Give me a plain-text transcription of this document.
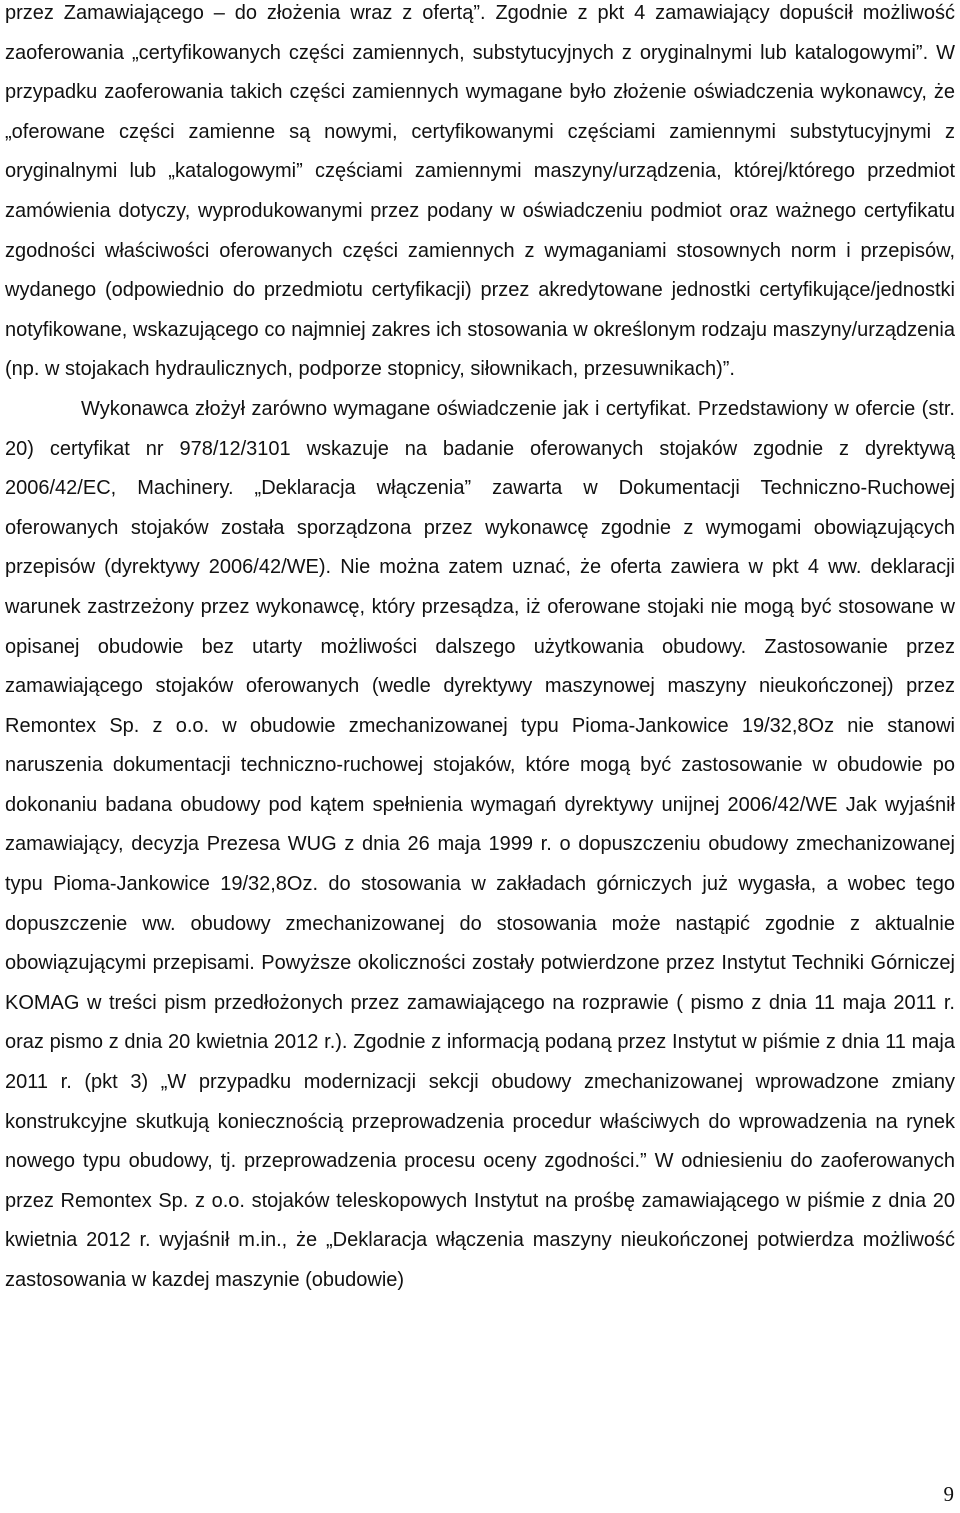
przez Zamawiającego – do złożenia wraz z ofertą”. Zgodnie z pkt 4 zamawiający dopuścił możliwość zaoferowania „certyfikowanych części zamiennych, substytucyjnych z oryginalnymi lub katalogowymi”. W przypadku zaoferowania takich części zamiennych wymagane było złożenie oświadczenia wykonawcy, że „oferowane części zamienne są nowymi, certyfikowanymi częściami zamiennymi substytucyjnymi z oryginalnymi lub „katalogowymi” częściami zamiennymi maszyny/urządzenia, której/którego przedmiot zamówienia dotyczy, wyprodukowanymi przez podany w oświadczeniu podmiot oraz ważnego certyfikatu zgodności właściwości oferowanych części zamiennych z wymaganiami stosownych norm i przepisów, wydanego (odpowiednio do przedmiotu certyfikacji) przez akredytowane jednostki certyfikujące/jednostki notyfikowane, wskazującego co najmniej zakres ich stosowania w określonym rodzaju maszyny/urządzenia (np. w stojakach hydraulicznych, podporze stopnicy, siłownikach, przesuwnikach)”.

Wykonawca złożył zarówno wymagane oświadczenie jak i certyfikat. Przedstawiony w ofercie (str. 20) certyfikat nr 978/12/3101 wskazuje na badanie oferowanych stojaków zgodnie z dyrektywą 2006/42/EC, Machinery. „Deklaracja włączenia” zawarta w Dokumentacji Techniczno-Ruchowej oferowanych stojaków została sporządzona przez wykonawcę zgodnie z wymogami obowiązujących przepisów (dyrektywy 2006/42/WE). Nie można zatem uznać, że oferta zawiera w pkt 4 ww. deklaracji warunek zastrzeżony przez wykonawcę, który przesądza, iż oferowane stojaki nie mogą być stosowane w opisanej obudowie bez utarty możliwości dalszego użytkowania obudowy. Zastosowanie przez zamawiającego stojaków oferowanych (wedle dyrektywy maszynowej maszyny nieukończonej) przez Remontex Sp. z o.o. w obudowie zmechanizowanej typu Pioma-Jankowice 19/32,8Oz nie stanowi naruszenia dokumentacji techniczno-ruchowej stojaków, które mogą być zastosowanie w obudowie po dokonaniu badana obudowy pod kątem spełnienia wymagań dyrektywy unijnej 2006/42/WE Jak wyjaśnił zamawiający, decyzja Prezesa WUG z dnia 26 maja 1999 r. o dopuszczeniu obudowy zmechanizowanej typu Pioma-Jankowice 19/32,8Oz. do stosowania w zakładach górniczych już wygasła, a wobec tego dopuszczenie ww. obudowy zmechanizowanej do stosowania może nastąpić zgodnie z aktualnie obowiązującymi przepisami. Powyższe okoliczności zostały potwierdzone przez Instytut Techniki Górniczej KOMAG w treści pism przedłożonych przez zamawiającego na rozprawie ( pismo z dnia 11 maja 2011 r. oraz pismo z dnia 20 kwietnia 2012 r.). Zgodnie z informacją podaną przez Instytut w piśmie z dnia 11 maja 2011 r. (pkt 3) „W przypadku modernizacji sekcji obudowy zmechanizowanej wprowadzone zmiany konstrukcyjne skutkują koniecznością przeprowadzenia procedur właściwych do wprowadzenia na rynek nowego typu obudowy, tj. przeprowadzenia procesu oceny zgodności.” W odniesieniu do zaoferowanych przez Remontex Sp. z o.o. stojaków teleskopowych Instytut na prośbę zamawiającego w piśmie z dnia 20 kwietnia 2012 r. wyjaśnił m.in., że „Deklaracja włączenia maszyny nieukończonej potwierdza możliwość zastosowania w kazdej maszynie (obudowie)

9
